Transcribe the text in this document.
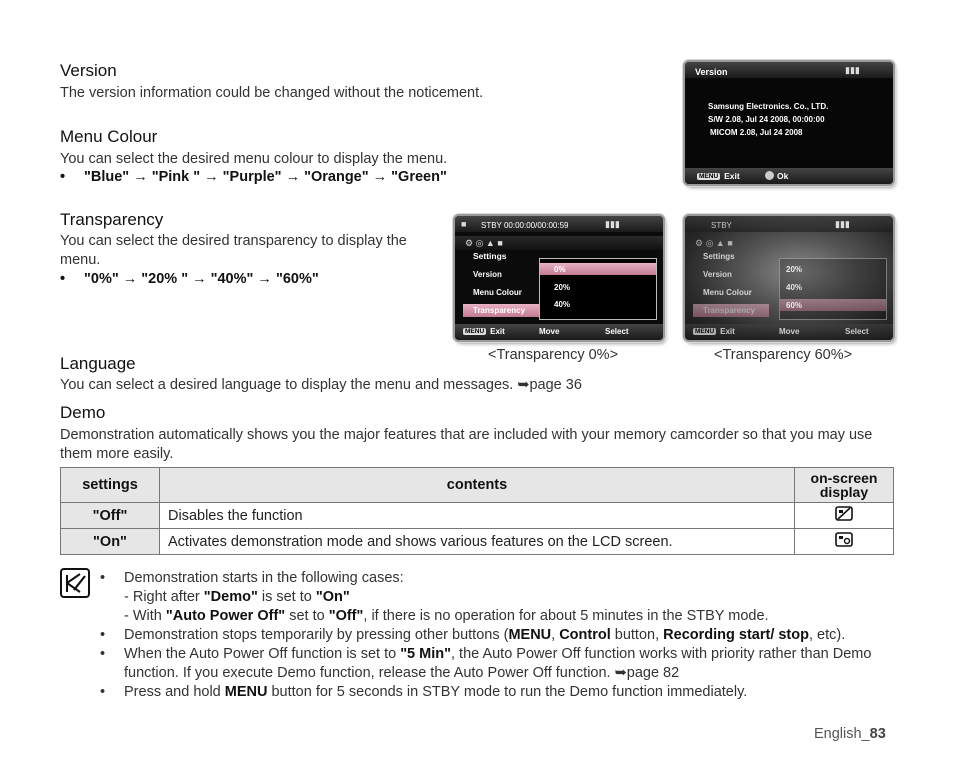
Version
The version information could be changed without the noticement.
Version	▮▮▮
Samsung Electronics. Co., LTD.
S/W 2.08, Jul 24 2008, 00:00:00
MICOM 2.08, Jul 24 2008
MENU Exit	Ok
Menu Colour
You can select the desired menu colour to display the menu.
• "Blue" → "Pink " → "Purple" → "Orange" → "Green"
Transparency
You can select the desired transparency to display the menu.
• "0%" → "20% " → "40%" → "60%"
■ STBY 00:00:00/00:00:59	▮▮▮
⚙ ◎ ▲ ■
Settings
Version
Menu Colour
Transparency
0%
20%
40%
MENU Exit	Move	Select
<Transparency 0%>
STBY	▮▮▮
⚙ ◎ ▲ ■
Settings
Version
Menu Colour
Transparency
20%
40%
60%
MENU Exit	Move	Select
<Transparency 60%>
Language
You can select a desired language to display the menu and messages. ➥page 36
Demo
Demonstration automatically shows you the major features that are included with your memory camcorder so that you may use them more easily.
settings	contents	on-screen display
"Off"	Disables the function	
"On"	Activates demonstration mode and shows various features on the LCD screen.	
• Demonstration starts in the following cases:
- Right after "Demo" is set to "On"
- With "Auto Power Off" set to "Off", if there is no operation for about 5 minutes in the STBY mode.
• Demonstration stops temporarily by pressing other buttons (MENU, Control button, Recording start/ stop, etc).
• When the Auto Power Off function is set to "5 Min", the Auto Power Off function works with priority rather than Demo function. If you execute Demo function, release the Auto Power Off function. ➥page 82
• Press and hold MENU button for 5 seconds in STBY mode to run the Demo function immediately.
English_83
